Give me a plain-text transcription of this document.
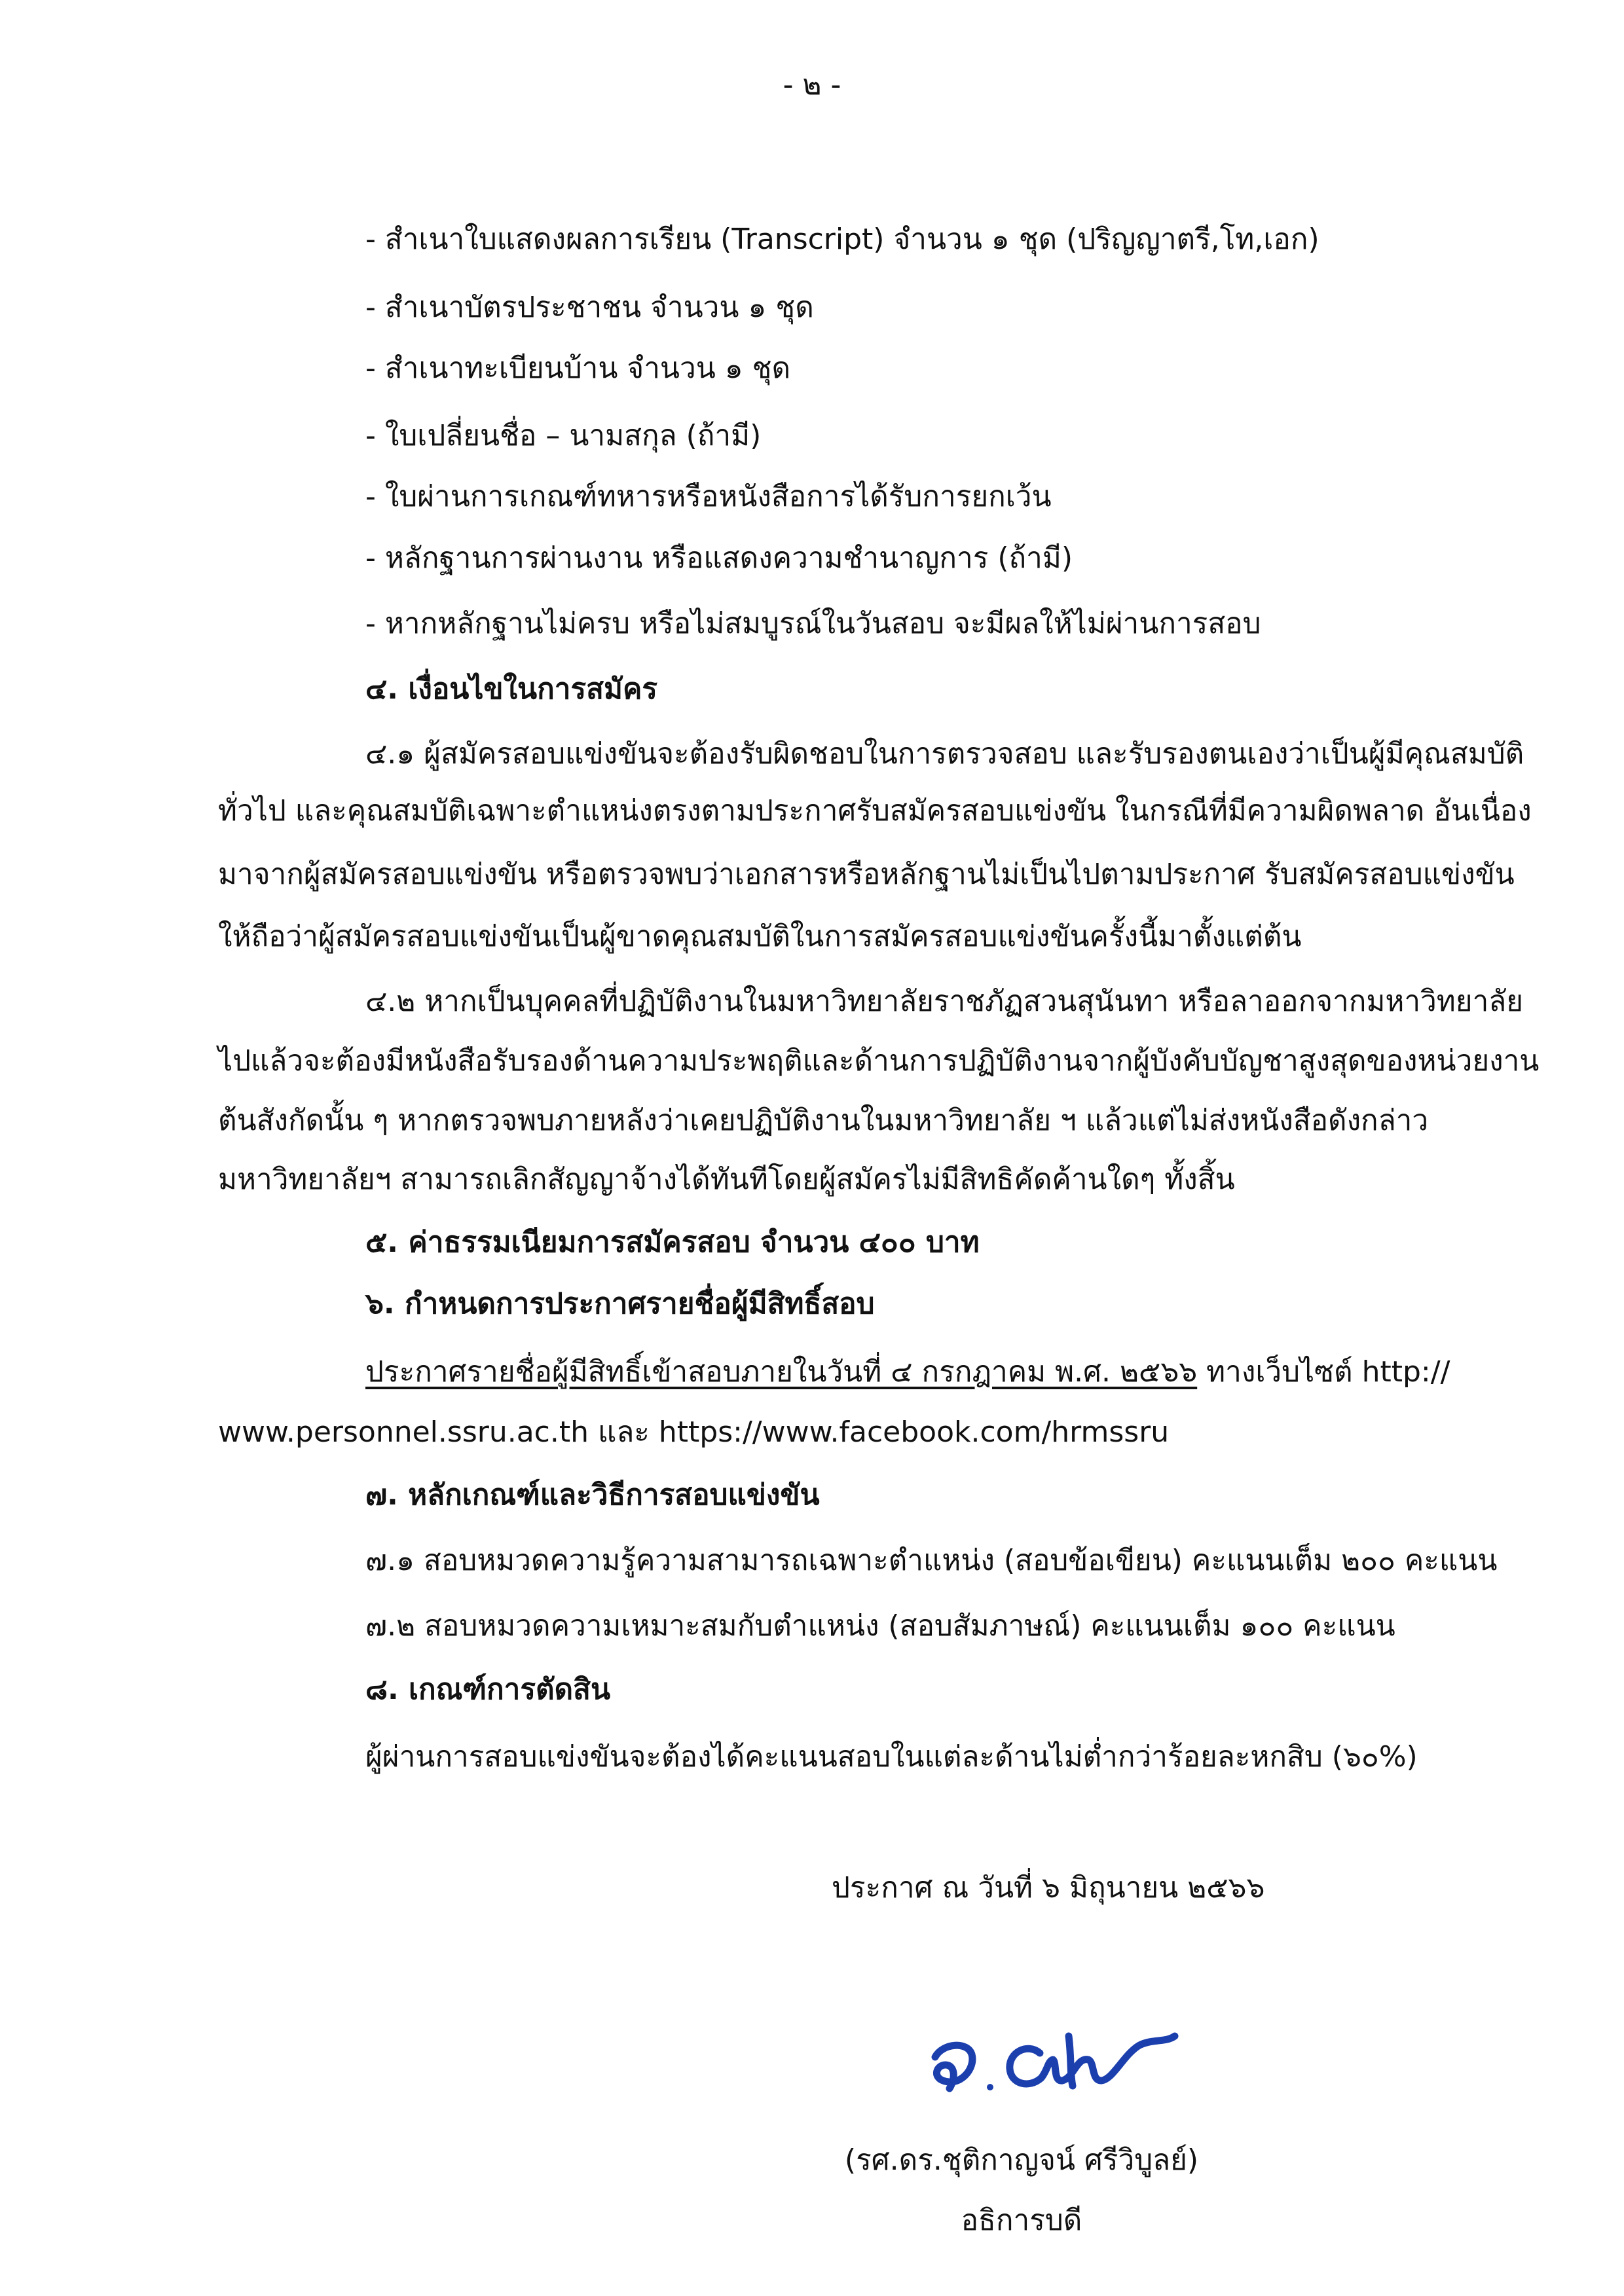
- ๒ -
- สำเนาใบแสดงผลการเรียน (Transcript) จำนวน ๑ ชุด (ปริญญาตรี,โท,เอก)
- สำเนาบัตรประชาชน จำนวน ๑ ชุด
- สำเนาทะเบียนบ้าน จำนวน ๑ ชุด
- ใบเปลี่ยนชื่อ – นามสกุล (ถ้ามี)
- ใบผ่านการเกณฑ์ทหารหรือหนังสือการได้รับการยกเว้น
- หลักฐานการผ่านงาน หรือแสดงความชำนาญการ (ถ้ามี)
- หากหลักฐานไม่ครบ หรือไม่สมบูรณ์ในวันสอบ จะมีผลให้ไม่ผ่านการสอบ
๔. เงื่อนไขในการสมัคร
๔.๑ ผู้สมัครสอบแข่งขันจะต้องรับผิดชอบในการตรวจสอบ และรับรองตนเองว่าเป็นผู้มีคุณสมบัติ
ทั่วไป และคุณสมบัติเฉพาะตำแหน่งตรงตามประกาศรับสมัครสอบแข่งขัน ในกรณีที่มีความผิดพลาด อันเนื่อง
มาจากผู้สมัครสอบแข่งขัน หรือตรวจพบว่าเอกสารหรือหลักฐานไม่เป็นไปตามประกาศ รับสมัครสอบแข่งขัน
ให้ถือว่าผู้สมัครสอบแข่งขันเป็นผู้ขาดคุณสมบัติในการสมัครสอบแข่งขันครั้งนี้มาตั้งแต่ต้น
๔.๒ หากเป็นบุคคลที่ปฏิบัติงานในมหาวิทยาลัยราชภัฏสวนสุนันทา หรือลาออกจากมหาวิทยาลัย
ไปแล้วจะต้องมีหนังสือรับรองด้านความประพฤติและด้านการปฏิบัติงานจากผู้บังคับบัญชาสูงสุดของหน่วยงาน
ต้นสังกัดนั้น ๆ หากตรวจพบภายหลังว่าเคยปฏิบัติงานในมหาวิทยาลัย ฯ แล้วแต่ไม่ส่งหนังสือดังกล่าว
มหาวิทยาลัยฯ สามารถเลิกสัญญาจ้างได้ทันทีโดยผู้สมัครไม่มีสิทธิคัดค้านใดๆ ทั้งสิ้น
๕. ค่าธรรมเนียมการสมัครสอบ จำนวน ๔๐๐ บาท
๖. กำหนดการประกาศรายชื่อผู้มีสิทธิ์สอบ
ประกาศรายชื่อผู้มีสิทธิ์เข้าสอบภายในวันที่ ๔ กรกฎาคม พ.ศ. ๒๕๖๖ ทางเว็บไซต์ http://
www.personnel.ssru.ac.th และ https://www.facebook.com/hrmssru
๗. หลักเกณฑ์และวิธีการสอบแข่งขัน
๗.๑ สอบหมวดความรู้ความสามารถเฉพาะตำแหน่ง (สอบข้อเขียน) คะแนนเต็ม ๒๐๐ คะแนน
๗.๒ สอบหมวดความเหมาะสมกับตำแหน่ง (สอบสัมภาษณ์) คะแนนเต็ม ๑๐๐ คะแนน
๘. เกณฑ์การตัดสิน
ผู้ผ่านการสอบแข่งขันจะต้องได้คะแนนสอบในแต่ละด้านไม่ต่ำกว่าร้อยละหกสิบ (๖๐%)
ประกาศ ณ วันที่ ๖ มิถุนายน ๒๕๖๖
(รศ.ดร.ชุติกาญจน์ ศรีวิบูลย์)
อธิการบดี
